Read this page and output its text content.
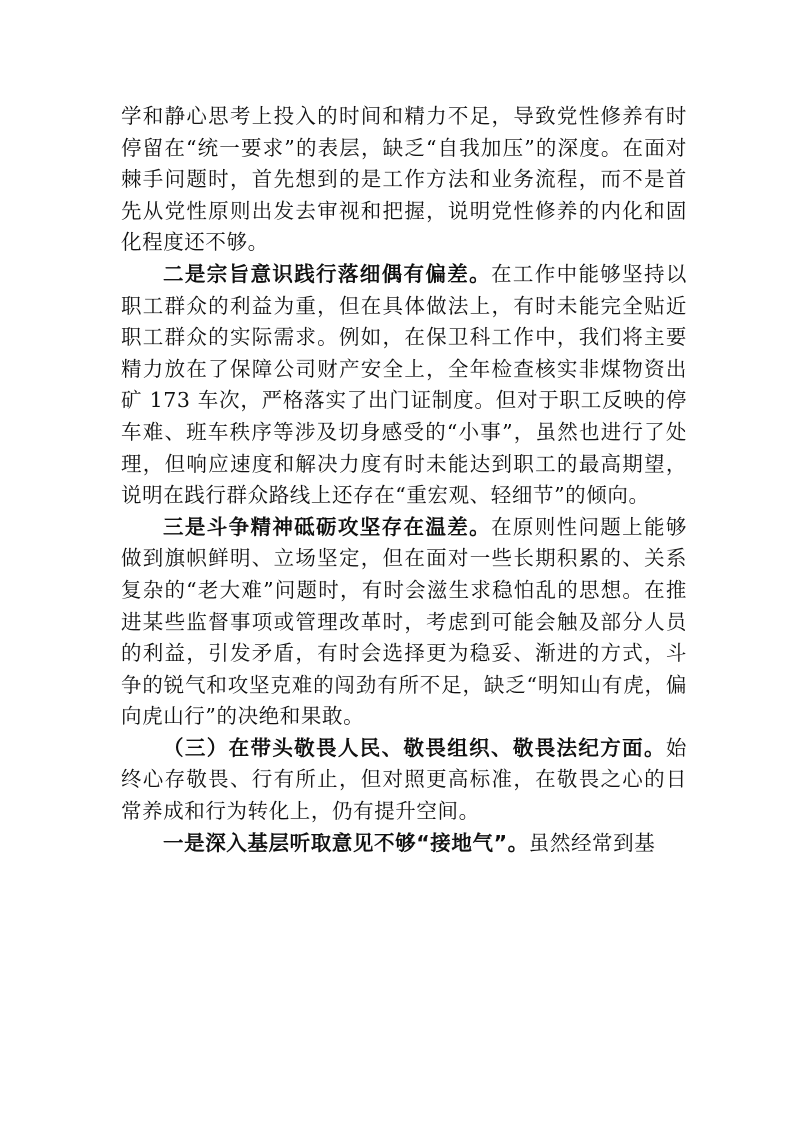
学和静心思考上投入的时间和精力不足，导致党性修养有时停留在“统一要求”的表层，缺乏“自我加压”的深度。在面对棘手问题时，首先想到的是工作方法和业务流程，而不是首先从党性原则出发去审视和把握，说明党性修养的内化和固化程度还不够。

二是宗旨意识践行落细偶有偏差。在工作中能够坚持以职工群众的利益为重，但在具体做法上，有时未能完全贴近职工群众的实际需求。例如，在保卫科工作中，我们将主要精力放在了保障公司财产安全上，全年检查核实非煤物资出矿 173 车次，严格落实了出门证制度。但对于职工反映的停车难、班车秩序等涉及切身感受的“小事”，虽然也进行了处理，但响应速度和解决力度有时未能达到职工的最高期望，说明在践行群众路线上还存在“重宏观、轻细节”的倾向。

三是斗争精神砥砺攻坚存在温差。在原则性问题上能够做到旗帜鲜明、立场坚定，但在面对一些长期积累的、关系复杂的“老大难”问题时，有时会滋生求稳怕乱的思想。在推进某些监督事项或管理改革时，考虑到可能会触及部分人员的利益，引发矛盾，有时会选择更为稳妥、渐进的方式，斗争的锐气和攻坚克难的闯劲有所不足，缺乏“明知山有虎，偏向虎山行”的决绝和果敢。

（三）在带头敬畏人民、敬畏组织、敬畏法纪方面。始终心存敬畏、行有所止，但对照更高标准，在敬畏之心的日常养成和行为转化上，仍有提升空间。

一是深入基层听取意见不够“接地气”。虽然经常到基
